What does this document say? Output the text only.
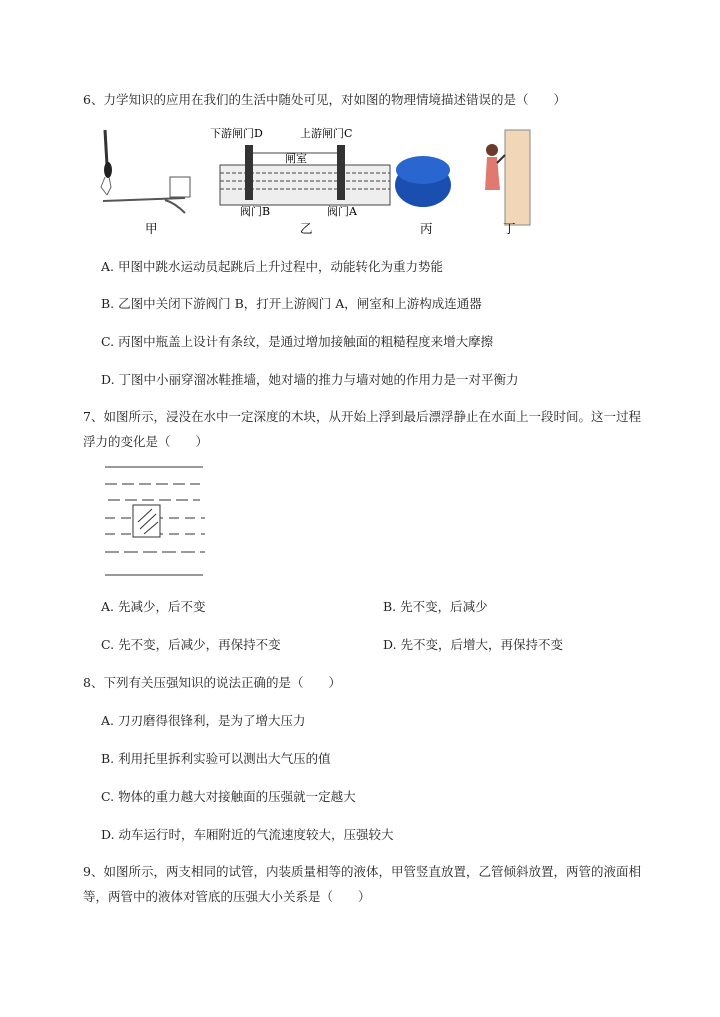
6、力学知识的应用在我们的生活中随处可见，对如图的物理情境描述错误的是（　　）
下游闸门D	上游闸门C
闸室
阀门B	阀门A
甲	乙	丙	丁
A. 甲图中跳水运动员起跳后上升过程中，动能转化为重力势能
B. 乙图中关闭下游阀门 B，打开上游阀门 A，闸室和上游构成连通器
C. 丙图中瓶盖上设计有条纹，是通过增加接触面的粗糙程度来增大摩擦
D. 丁图中小丽穿溜冰鞋推墙，她对墙的推力与墙对她的作用力是一对平衡力
7、如图所示，浸没在水中一定深度的木块，从开始上浮到最后漂浮静止在水面上一段时间。这一过程
浮力的变化是（　　）
A. 先减少，后不变	B. 先不变，后减少
C. 先不变，后减少，再保持不变	D. 先不变，后增大，再保持不变
8、下列有关压强知识的说法正确的是（　　）
A. 刀刃磨得很锋利，是为了增大压力
B. 利用托里拆利实验可以测出大气压的值
C. 物体的重力越大对接触面的压强就一定越大
D. 动车运行时，车厢附近的气流速度较大，压强较大
9、如图所示，两支相同的试管，内装质量相等的液体，甲管竖直放置，乙管倾斜放置，两管的液面相
等，两管中的液体对管底的压强大小关系是（　　）
